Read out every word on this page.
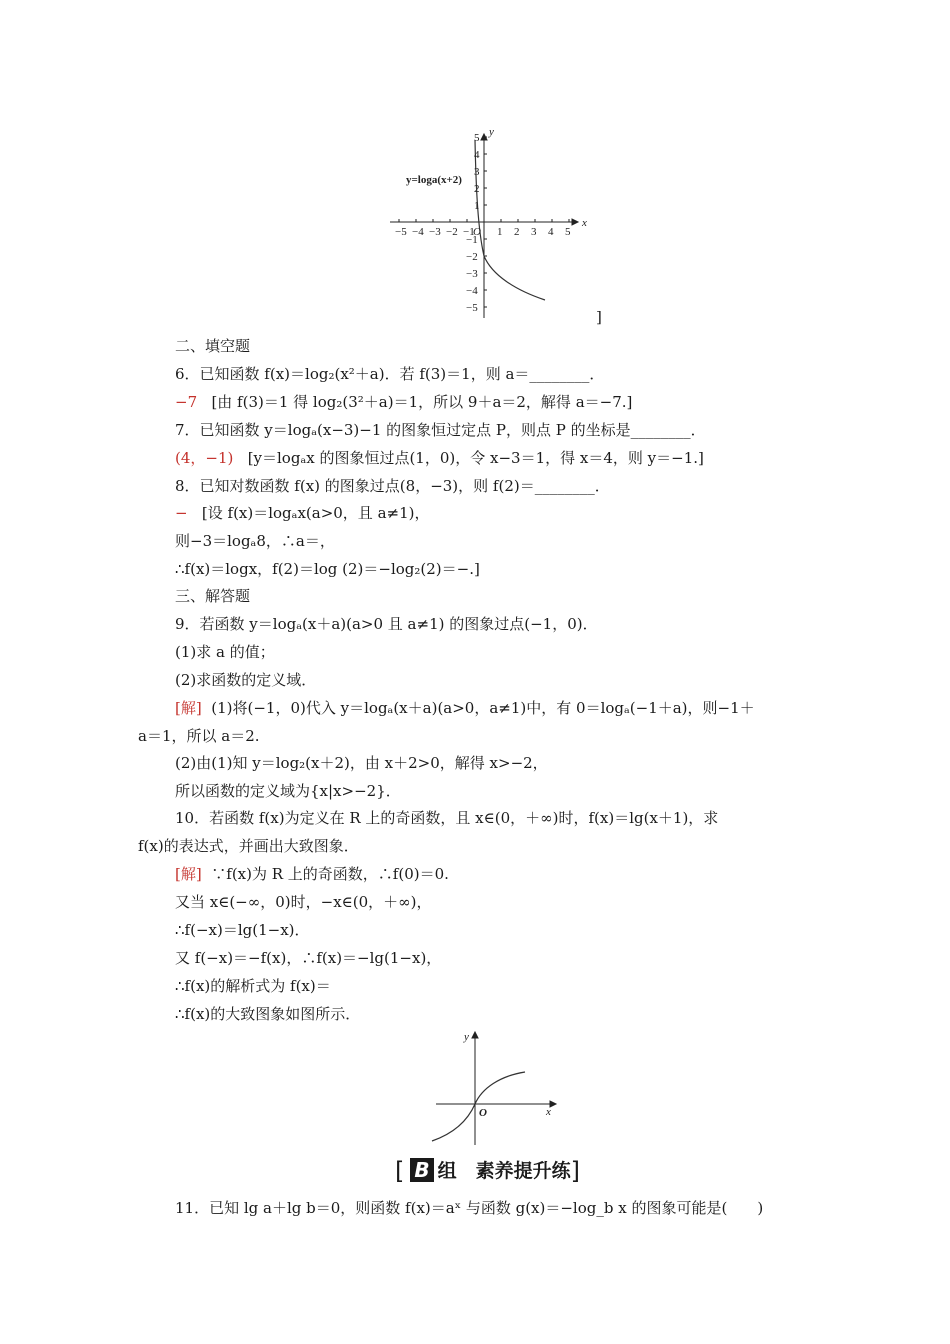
−5 −4 −3 −2 −1
O 1 2 3 4 5
5
4
3
2
1
−1
−2
−3
−4
−5
x
y
y=loga(x+2)
]
二、填空题
6．已知函数 f(x)＝log₂(x²＋a)．若 f(3)＝1，则 a＝________．
−7 [由 f(3)＝1 得 log₂(3²＋a)＝1，所以 9＋a＝2，解得 a＝−7.]
7．已知函数 y＝logₐ(x−3)−1 的图象恒过定点 P，则点 P 的坐标是________．
(4，−1) [y＝logₐx 的图象恒过点(1，0)，令 x−3＝1，得 x＝4，则 y＝−1.]
8．已知对数函数 f(x) 的图象过点(8，−3)，则 f(2)＝________．
− [设 f(x)＝logₐx(a>0，且 a≠1)，
则−3＝logₐ8，∴a＝，
∴f(x)＝logx，f(2)＝log (2)＝−log₂(2)＝−.]
三、解答题
9．若函数 y＝logₐ(x＋a)(a>0 且 a≠1) 的图象过点(−1，0)．
(1)求 a 的值；
(2)求函数的定义域．
[解] (1)将(−1，0)代入 y＝logₐ(x＋a)(a>0，a≠1)中，有 0＝logₐ(−1＋a)，则−1＋
a＝1，所以 a＝2.
(2)由(1)知 y＝log₂(x＋2)，由 x＋2>0，解得 x>−2，
所以函数的定义域为{x|x>−2}．
10．若函数 f(x)为定义在 R 上的奇函数，且 x∈(0，＋∞)时，f(x)＝lg(x＋1)，求
f(x)的表达式，并画出大致图象．
[解] ∵f(x)为 R 上的奇函数，∴f(0)＝0.
又当 x∈(−∞，0)时，−x∈(0，＋∞)，
∴f(−x)＝lg(1−x)．
又 f(−x)＝−f(x)，∴f(x)＝−lg(1−x)，
∴f(x)的解析式为 f(x)＝
∴f(x)的大致图象如图所示．
x
y
O
[ B 组　素养提升练]
11．已知 lg a＋lg b＝0，则函数 f(x)＝aˣ 与函数 g(x)＝−log_b x 的图象可能是(　　)
